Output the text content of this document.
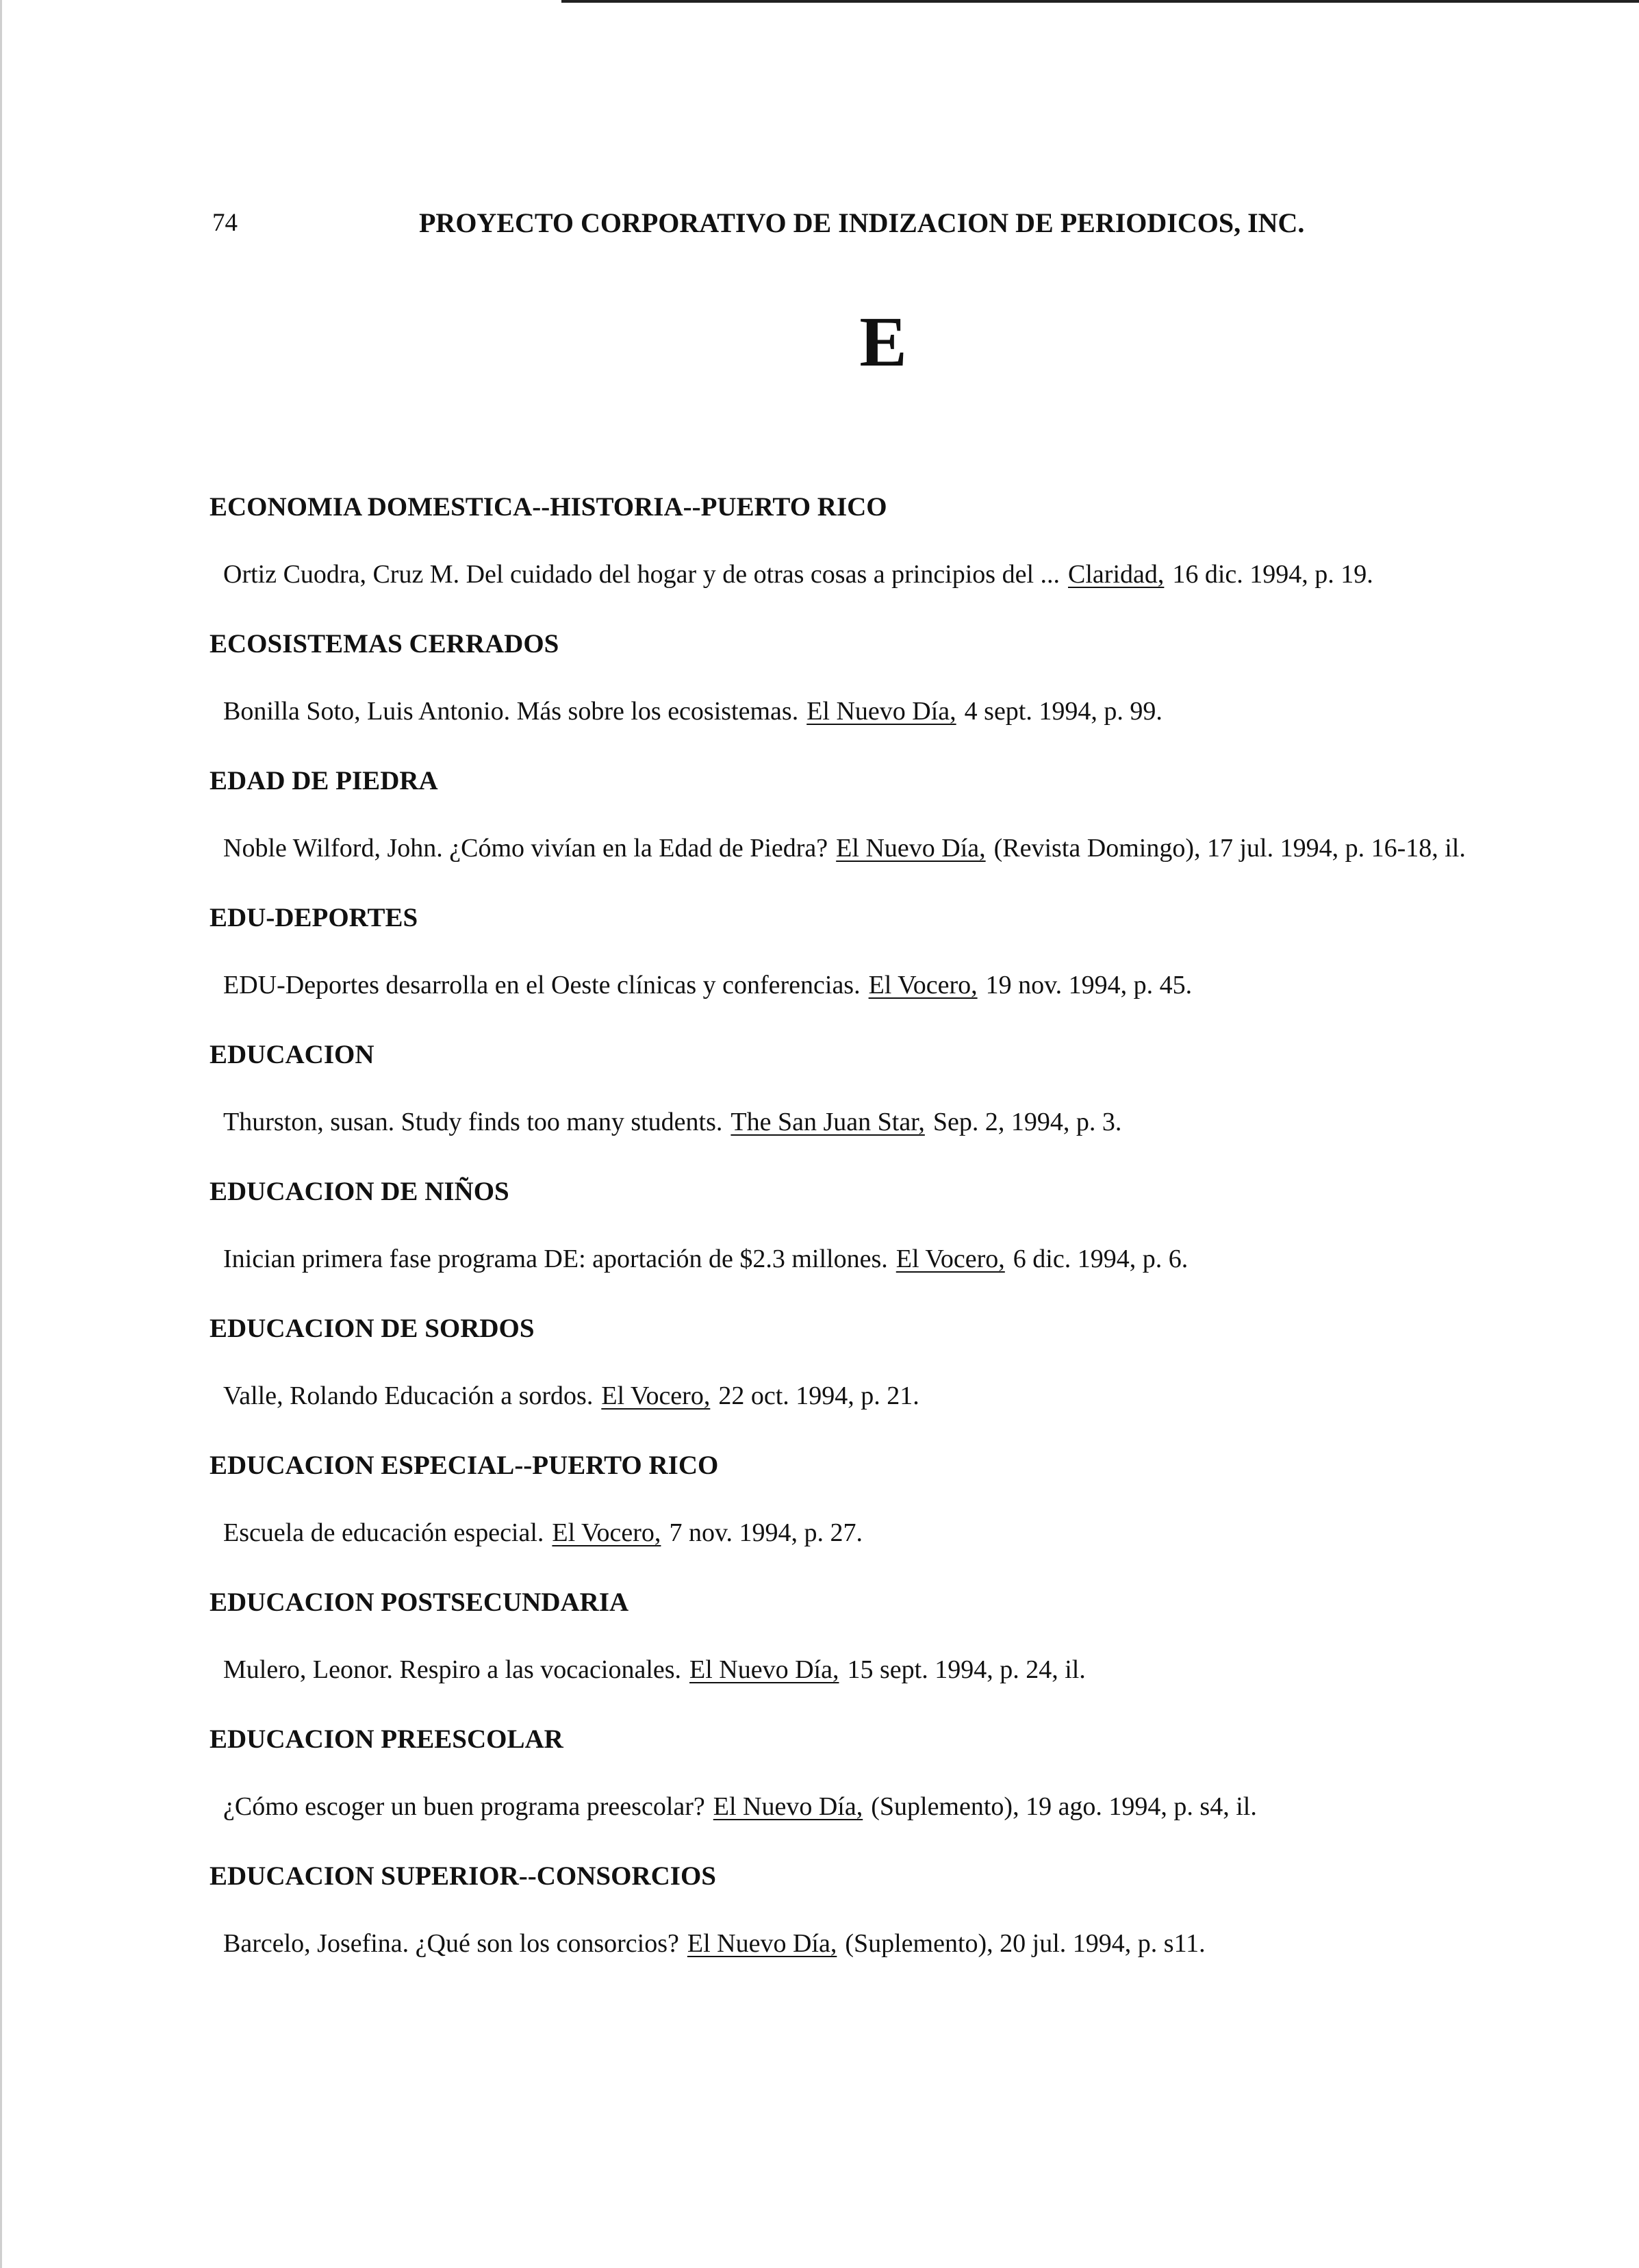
74	PROYECTO CORPORATIVO DE INDIZACION DE PERIODICOS, INC.
E
ECONOMIA DOMESTICA--HISTORIA--PUERTO RICO
Ortiz Cuodra, Cruz M. Del cuidado del hogar y de otras cosas a principios del ... Claridad, 16 dic. 1994, p. 19.
ECOSISTEMAS CERRADOS
Bonilla Soto, Luis Antonio. Más sobre los ecosistemas. El Nuevo Día, 4 sept. 1994, p. 99.
EDAD DE PIEDRA
Noble Wilford, John. ¿Cómo vivían en la Edad de Piedra? El Nuevo Día, (Revista Domingo), 17 jul. 1994, p. 16-18, il.
EDU-DEPORTES
EDU-Deportes desarrolla en el Oeste clínicas y conferencias. El Vocero, 19 nov. 1994, p. 45.
EDUCACION
Thurston, susan. Study finds too many students. The San Juan Star, Sep. 2, 1994, p. 3.
EDUCACION DE NIÑOS
Inician primera fase programa DE: aportación de $2.3 millones. El Vocero, 6 dic. 1994, p. 6.
EDUCACION DE SORDOS
Valle, Rolando Educación a sordos. El Vocero, 22 oct. 1994, p. 21.
EDUCACION ESPECIAL--PUERTO RICO
Escuela de educación especial. El Vocero, 7 nov. 1994, p. 27.
EDUCACION POSTSECUNDARIA
Mulero, Leonor. Respiro a las vocacionales. El Nuevo Día, 15 sept. 1994, p. 24, il.
EDUCACION PREESCOLAR
¿Cómo escoger un buen programa preescolar? El Nuevo Día, (Suplemento), 19 ago. 1994, p. s4, il.
EDUCACION SUPERIOR--CONSORCIOS
Barcelo, Josefina. ¿Qué son los consorcios? El Nuevo Día, (Suplemento), 20 jul. 1994, p. s11.
